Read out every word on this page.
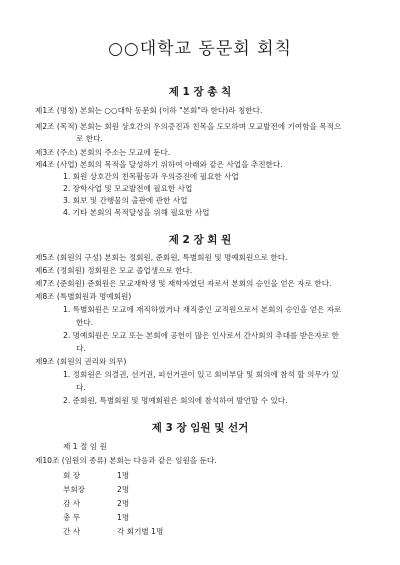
○○대학교 동문회 회칙
제 1 장 총 칙
제1조 (명칭) 본회는 ○○대학 동문회 (이하 "본회"라 한다)라 칭한다.
제2조 (목적) 본회는 회원 상호간의 우의증진과 친목을 도모하며 모교발전에 기여함을 목적으
로 한다.
제3조 (주소) 본회의 주소는 모교에 둔다.
제4조 (사업) 본회의 목적을 달성하기 위하여 아래와 같은 사업을 추진한다.
1. 회원 상호간의 친목활동과 우의증진에 필요한 사업
2. 장학사업 및 모교발전에 필요한 사업
3. 회보 및 간행물의 출판에 관한 사업
4. 기타 본회의 목적달성을 위해 필요한 사업
제 2 장 회 원
제5조 (회원의 구성) 본회는 정회원, 준회원, 특별회원 및 명예회원으로 한다.
제6조 (정회원) 정회원은 모교 졸업생으로 한다.
제7조 (준회원) 준회원은 모교재학생 및 재학자였던 자로서 본회의 승인을 얻은 자로 한다.
제8조 (특별회원과 명예회원)
1. 특별회원은 모교에 재직하였거나 재직중인 교직원으로서 본회의 승인을 얻은 자로
한다.
2. 명예회원은 모교 또는 본회에 공헌이 많은 인사로서 간사회의 추대를 받은자로 한
다.
제9조 (회원의 권리와 의무)
1. 정회원은 의결권, 선거권, 피선거권이 있고 회비부담 및 회의에 참석 할 의무가 있
다.
2. 준회원, 특별회원 및 명예회원은 회의에 참석하여 발언할 수 있다.
제 3 장 임원 및 선거
제 1 절 임 원
제10조 (임원의 종류) 본회는 다음과 같은 임원을 둔다.
회 장	1명
부회장	2명
감 사	2명
총 무	1명
간 사	각 회기별 1명
